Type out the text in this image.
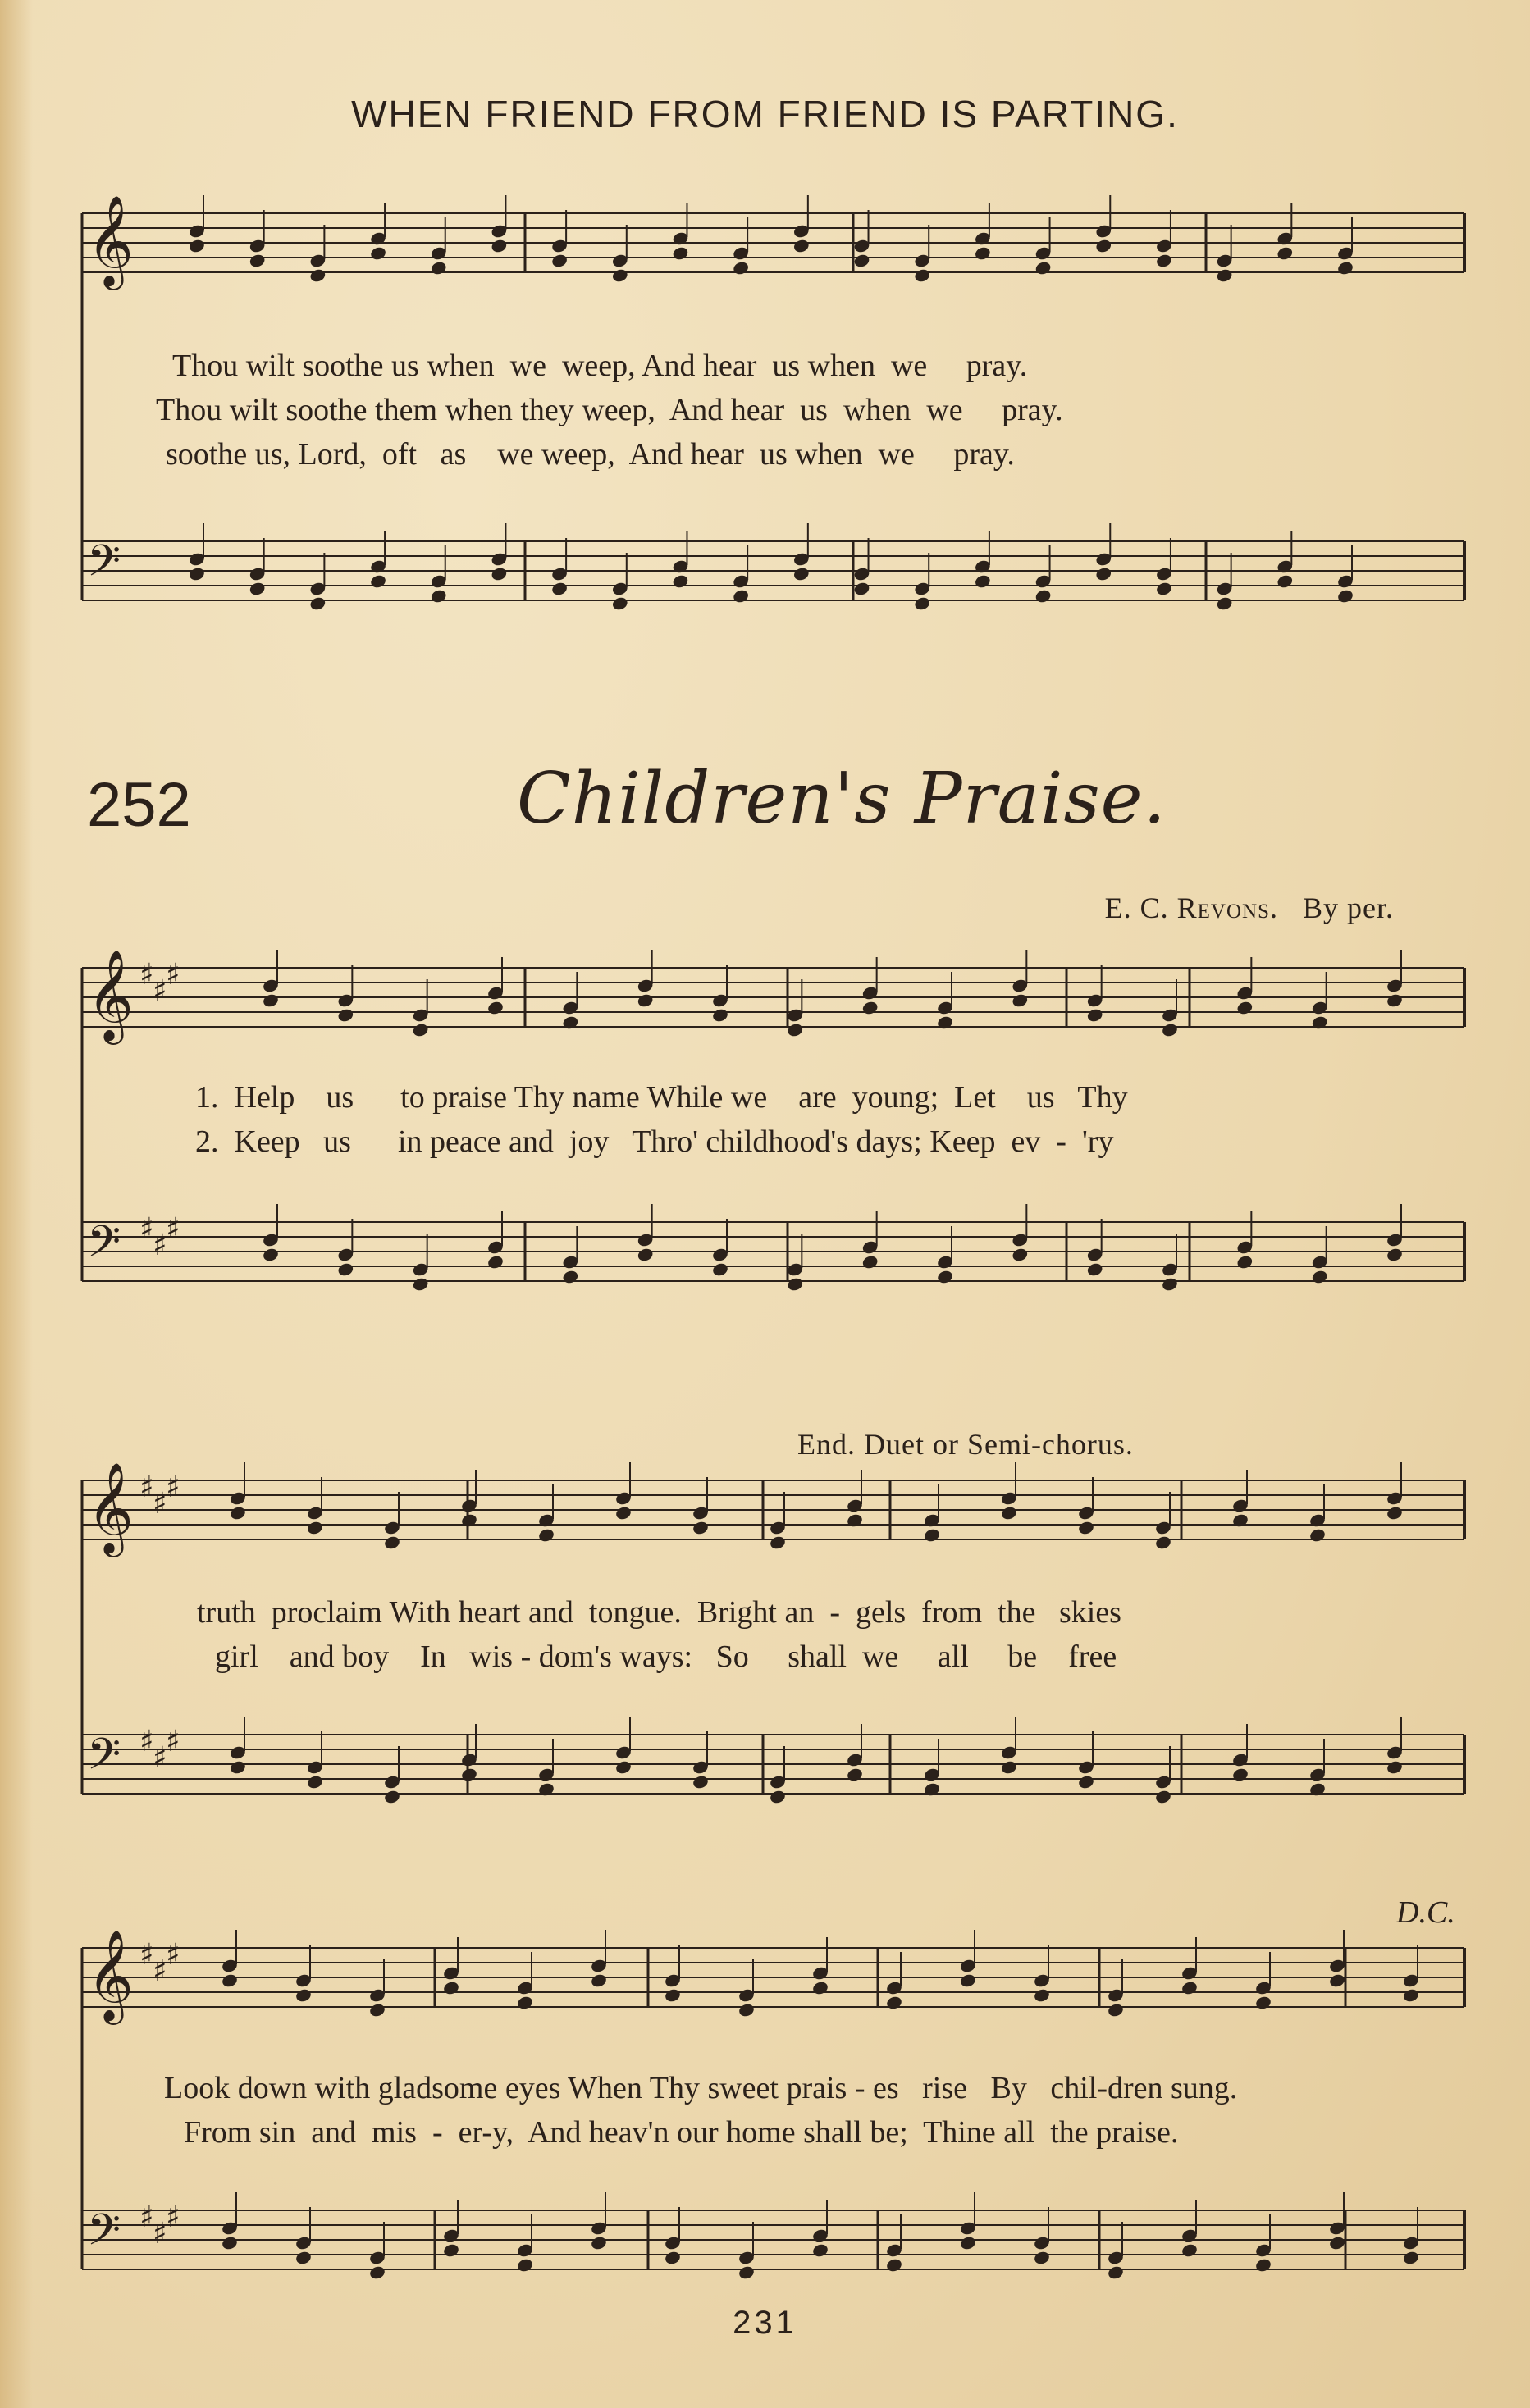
WHEN FRIEND FROM FRIEND IS PARTING.
𝄞
𝄢
𝄞 ♯
♯
♯
𝄢 ♯
♯
♯
𝄞 ♯
♯
♯
𝄢 ♯
♯
♯
𝄞 ♯
♯
♯
𝄢 ♯
♯
♯
Thou wilt soothe us when  we  weep, And hear  us when  we     pray.
Thou wilt soothe them when they weep,  And hear  us  when  we     pray.
soothe us, Lord,  oft   as    we weep,  And hear  us when  we     pray.
252	Children's Praise.
E. C. Revons. By per.
1.  Help    us      to praise Thy name While we    are  young;  Let    us   Thy
2.  Keep   us      in peace and  joy   Thro' childhood's days; Keep  ev  -  'ry
End. Duet or Semi-chorus.
truth  proclaim With heart and  tongue.  Bright an  -  gels  from  the   skies
girl    and boy    In   wis - dom's ways:   So     shall  we     all     be    free
D.C.
Look down with gladsome eyes When Thy sweet prais - es   rise   By   chil-dren sung.
From sin  and  mis  -  er-y,  And heav'n our home shall be;  Thine all  the praise.
231
